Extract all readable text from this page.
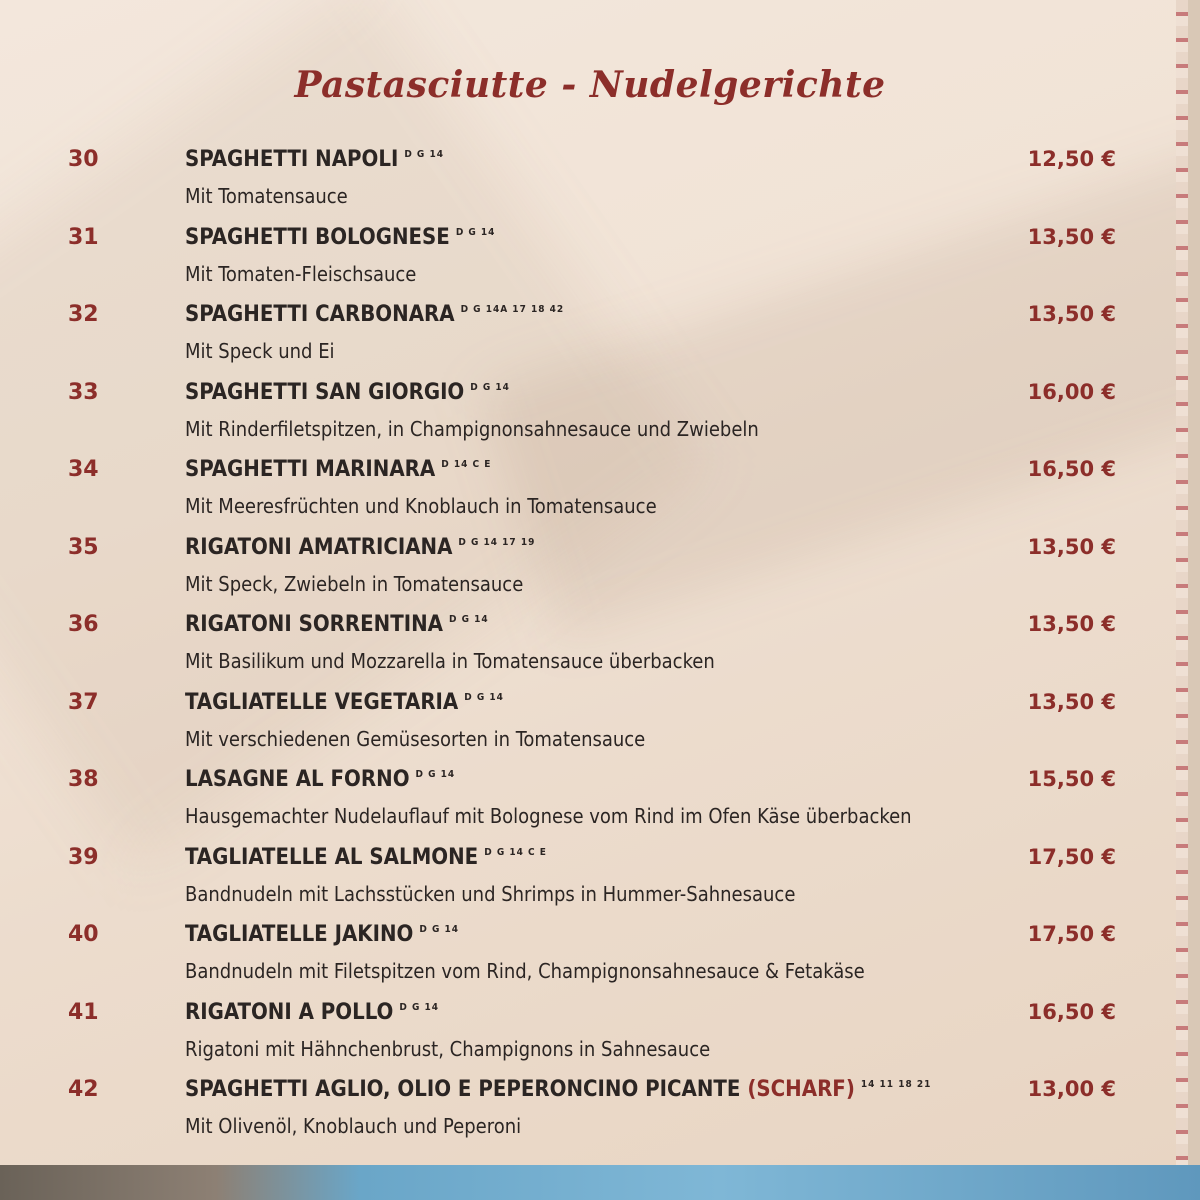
Pastasciutte - Nudelgerichte
30	SPAGHETTI NAPOLI $^{D G 14}$
Mit Tomatensauce
12,50 €
31	SPAGHETTI BOLOGNESE $^{D G 14}$
Mit Tomaten-Fleischsauce
13,50 €
32	SPAGHETTI CARBONARA $^{D G 14A 17 18 42}$
Mit Speck und Ei
13,50 €
33	SPAGHETTI SAN GIORGIO $^{D G 14}$
Mit Rinderfiletspitzen, in Champignonsahnesauce und Zwiebeln
16,00 €
34	SPAGHETTI MARINARA $^{D 14 C E}$
Mit Meeresfrüchten und Knoblauch in Tomatensauce
16,50 €
35	RIGATONI AMATRICIANA $^{D G 14 17 19}$
Mit Speck, Zwiebeln in Tomatensauce
13,50 €
36	RIGATONI SORRENTINA $^{D G 14}$
Mit Basilikum und Mozzarella in Tomatensauce überbacken
13,50 €
37	TAGLIATELLE VEGETARIA $^{D G 14}$
Mit verschiedenen Gemüsesorten in Tomatensauce
13,50 €
38	LASAGNE AL FORNO $^{D G 14}$
Hausgemachter Nudelauflauf mit Bolognese vom Rind im Ofen Käse überbacken
15,50 €
39	TAGLIATELLE AL SALMONE $^{D G 14 C E}$
Bandnudeln mit Lachsstücken und Shrimps in Hummer-Sahnesauce
17,50 €
40	TAGLIATELLE JAKINO $^{D G 14}$
Bandnudeln mit Filetspitzen vom Rind, Champignonsahnesauce & Fetakäse
17,50 €
41	RIGATONI A POLLO $^{D G 14}$
Rigatoni mit Hähnchenbrust, Champignons in Sahnesauce
16,50 €
42	SPAGHETTI AGLIO, OLIO E PEPERONCINO PICANTE (SCHARF) $^{14 11 18 21}$
Mit Olivenöl, Knoblauch und Peperoni
13,00 €
